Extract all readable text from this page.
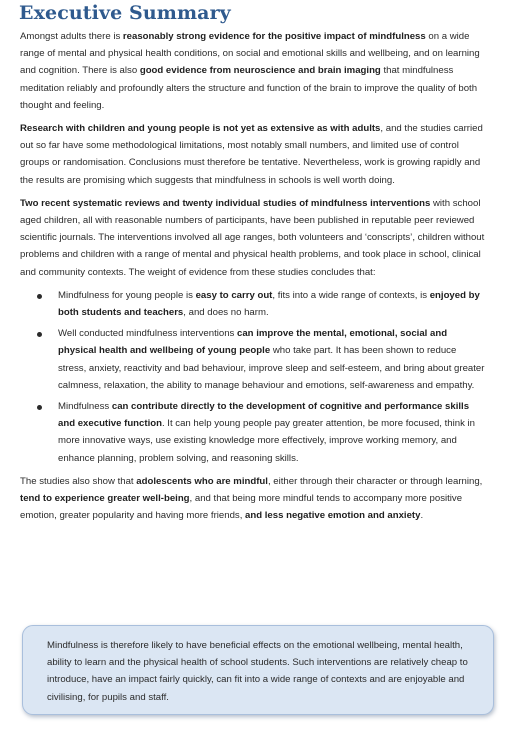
Executive Summary

Amongst adults there is reasonably strong evidence for the positive impact of mindfulness on a wide range of mental and physical health conditions, on social and emotional skills and wellbeing, and on learning and cognition. There is also good evidence from neuroscience and brain imaging that mindfulness meditation reliably and profoundly alters the structure and function of the brain to improve the quality of both thought and feeling.

Research with children and young people is not yet as extensive as with adults, and the studies carried out so far have some methodological limitations, most notably small numbers, and limited use of control groups or randomisation. Conclusions must therefore be tentative. Nevertheless, work is growing rapidly and the results are promising which suggests that mindfulness in schools is well worth doing.

Two recent systematic reviews and twenty individual studies of mindfulness interventions with school aged children, all with reasonable numbers of participants, have been published in reputable peer reviewed scientific journals. The interventions involved all age ranges, both volunteers and ‘conscripts’, children without problems and children with a range of mental and physical health problems, and took place in school, clinical and community contexts. The weight of evidence from these studies concludes that:

Mindfulness for young people is easy to carry out, fits into a wide range of contexts, is enjoyed by both students and teachers, and does no harm.
Well conducted mindfulness interventions can improve the mental, emotional, social and physical health and wellbeing of young people who take part. It has been shown to reduce stress, anxiety, reactivity and bad behaviour, improve sleep and self-esteem, and bring about greater calmness, relaxation, the ability to manage behaviour and emotions, self-awareness and empathy.
Mindfulness can contribute directly to the development of cognitive and performance skills and executive function. It can help young people pay greater attention, be more focused, think in more innovative ways, use existing knowledge more effectively, improve working memory, and enhance planning, problem solving, and reasoning skills.

The studies also show that adolescents who are mindful, either through their character or through learning, tend to experience greater well-being, and that being more mindful tends to accompany more positive emotion, greater popularity and having more friends, and less negative emotion and anxiety.

Mindfulness is therefore likely to have beneficial effects on the emotional wellbeing, mental health, ability to learn and the physical health of school students. Such interventions are relatively cheap to introduce, have an impact fairly quickly, can fit into a wide range of contexts and are enjoyable and civilising, for pupils and staff.
